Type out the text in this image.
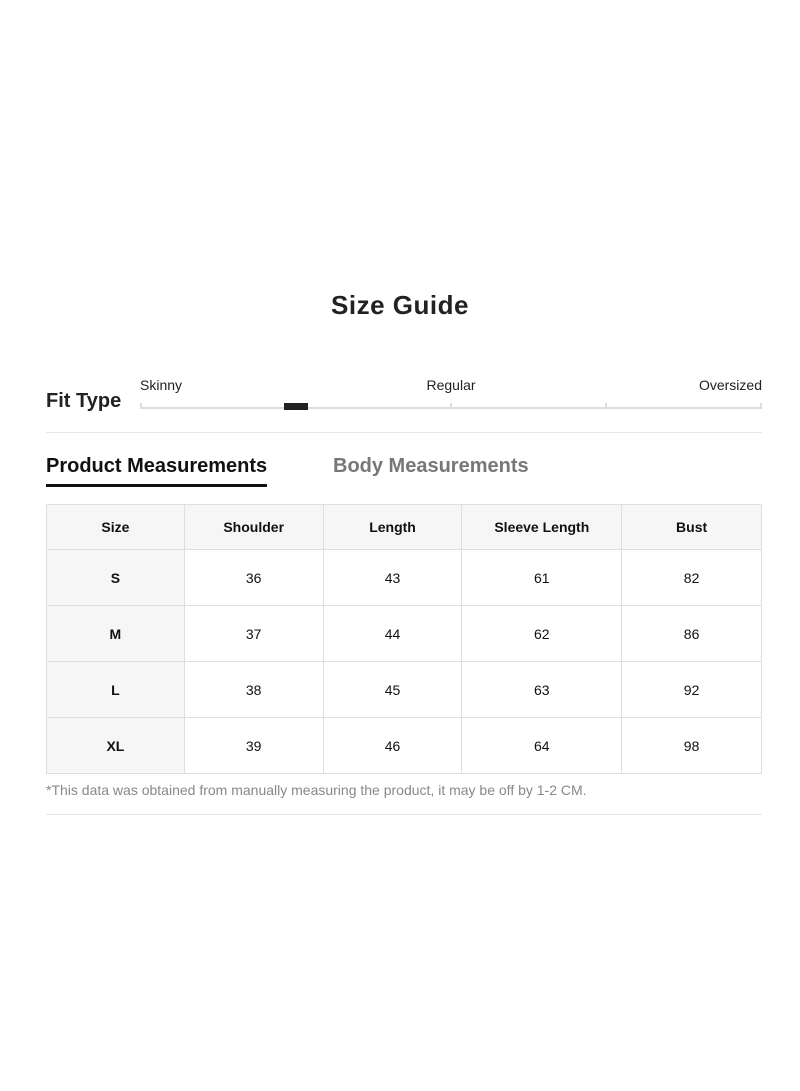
Size Guide
Fit Type
Skinny	Regular	Oversized
Product Measurements	Body Measurements
Size	Shoulder	Length	Sleeve Length	Bust
S	36	43	61	82
M	37	44	62	86
L	38	45	63	92
XL	39	46	64	98
*This data was obtained from manually measuring the product, it may be off by 1-2 CM.
